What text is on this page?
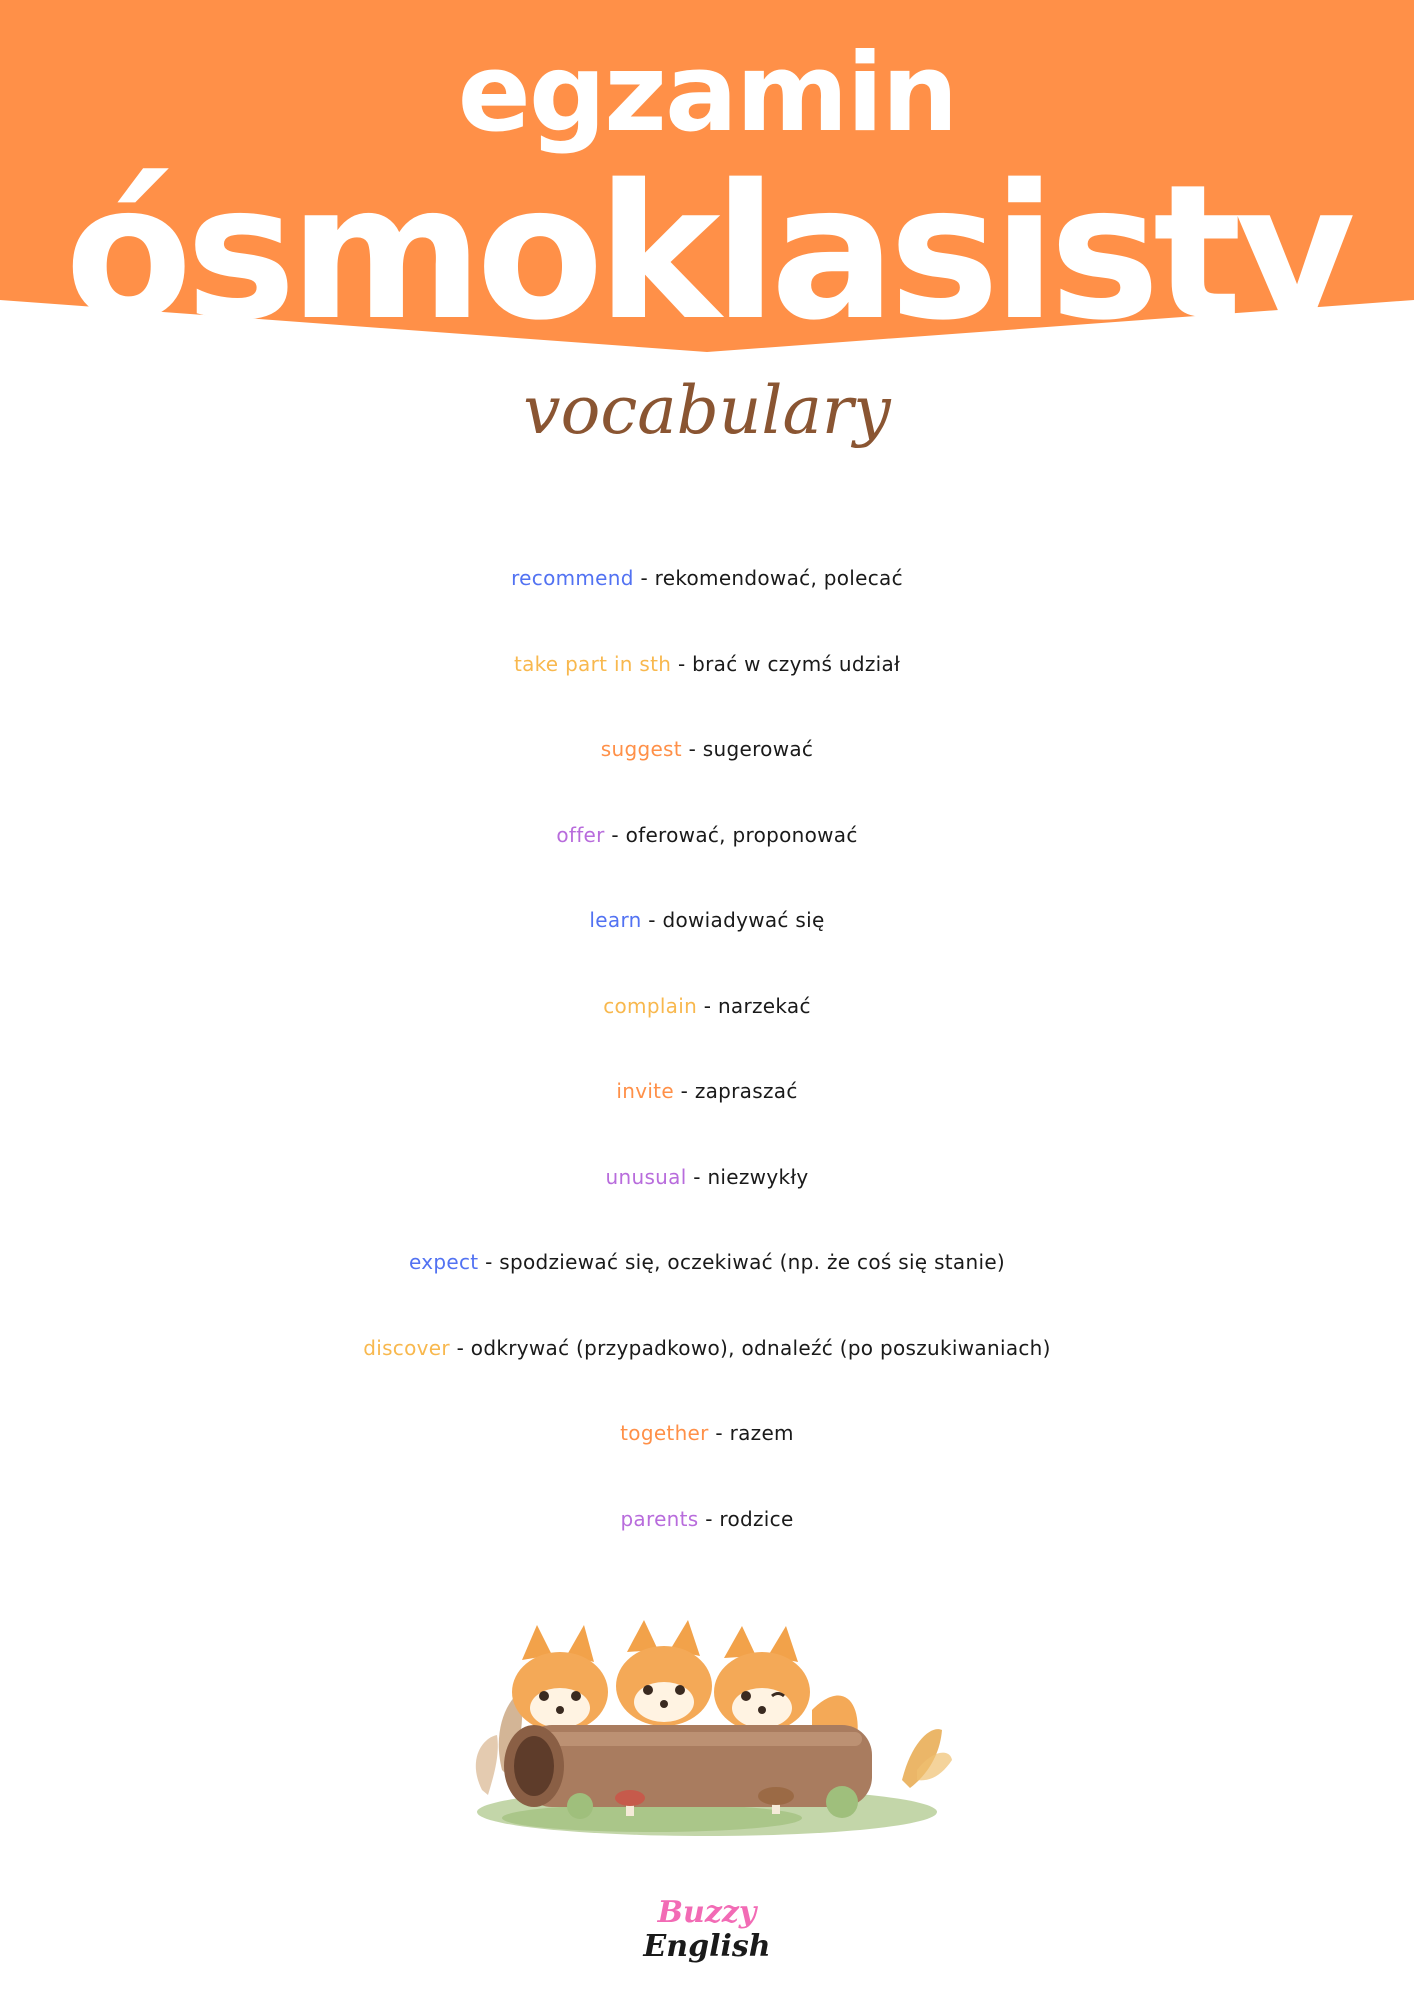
egzamin
ósmoklasisty
vocabulary
recommend - rekomendować, polecać
take part in sth - brać w czymś udział
suggest - sugerować
offer - oferować, proponować
learn - dowiadywać się
complain - narzekać
invite - zapraszać
unusual - niezwykły
expect - spodziewać się, oczekiwać (np. że coś się stanie)
discover - odkrywać (przypadkowo), odnaleźć (po poszukiwaniach)
together - razem
parents - rodzice
Buzzy
English
